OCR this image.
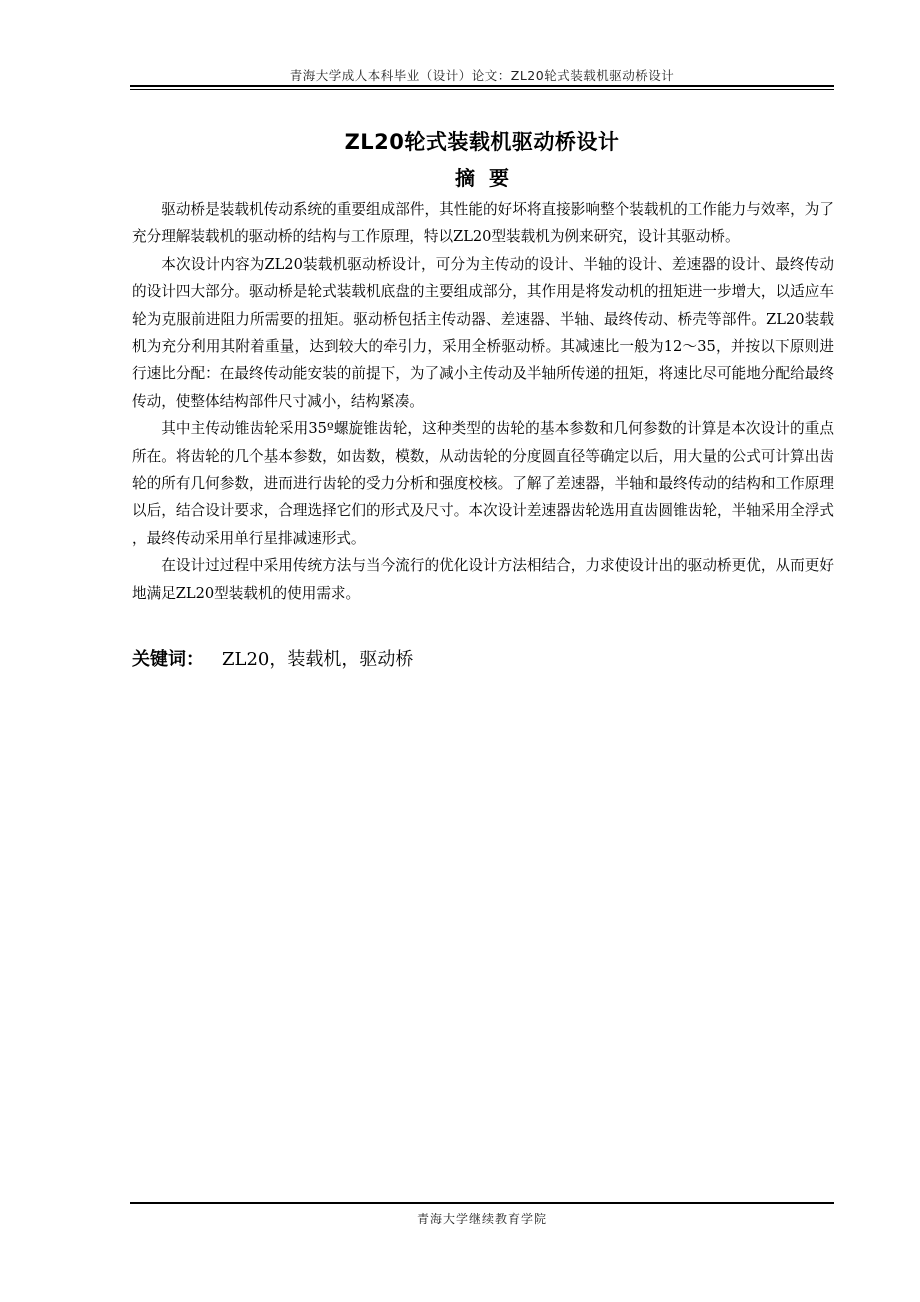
青海大学成人本科毕业（设计）论文：ZL20轮式装载机驱动桥设计
ZL20轮式装载机驱动桥设计
摘要

驱动桥是装载机传动系统的重要组成部件，其性能的好坏将直接影响整个装载机的工作能力与效率，为了充分理解装载机的驱动桥的结构与工作原理，特以ZL20型装载机为例来研究，设计其驱动桥。

本次设计内容为ZL20装载机驱动桥设计，可分为主传动的设计、半轴的设计、差速器的设计、最终传动的设计四大部分。驱动桥是轮式装载机底盘的主要组成部分，其作用是将发动机的扭矩进一步增大，以适应车轮为克服前进阻力所需要的扭矩。驱动桥包括主传动器、差速器、半轴、最终传动、桥壳等部件。ZL20装载机为充分利用其附着重量，达到较大的牵引力，采用全桥驱动桥。其减速比一般为12～35，并按以下原则进行速比分配：在最终传动能安装的前提下，为了减小主传动及半轴所传递的扭矩，将速比尽可能地分配给最终传动，使整体结构部件尺寸减小，结构紧凑。

其中主传动锥齿轮采用35º螺旋锥齿轮，这种类型的齿轮的基本参数和几何参数的计算是本次设计的重点所在。将齿轮的几个基本参数，如齿数，模数，从动齿轮的分度圆直径等确定以后，用大量的公式可计算出齿轮的所有几何参数，进而进行齿轮的受力分析和强度校核。了解了差速器，半轴和最终传动的结构和工作原理以后，结合设计要求，合理选择它们的形式及尺寸。本次设计差速器齿轮选用直齿圆锥齿轮，半轴采用全浮式 ，最终传动采用单行星排减速形式。

在设计过过程中采用传统方法与当今流行的优化设计方法相结合，力求使设计出的驱动桥更优，从而更好地满足ZL20型装载机的使用需求。

关键词： ZL20，装载机，驱动桥
青海大学继续教育学院
